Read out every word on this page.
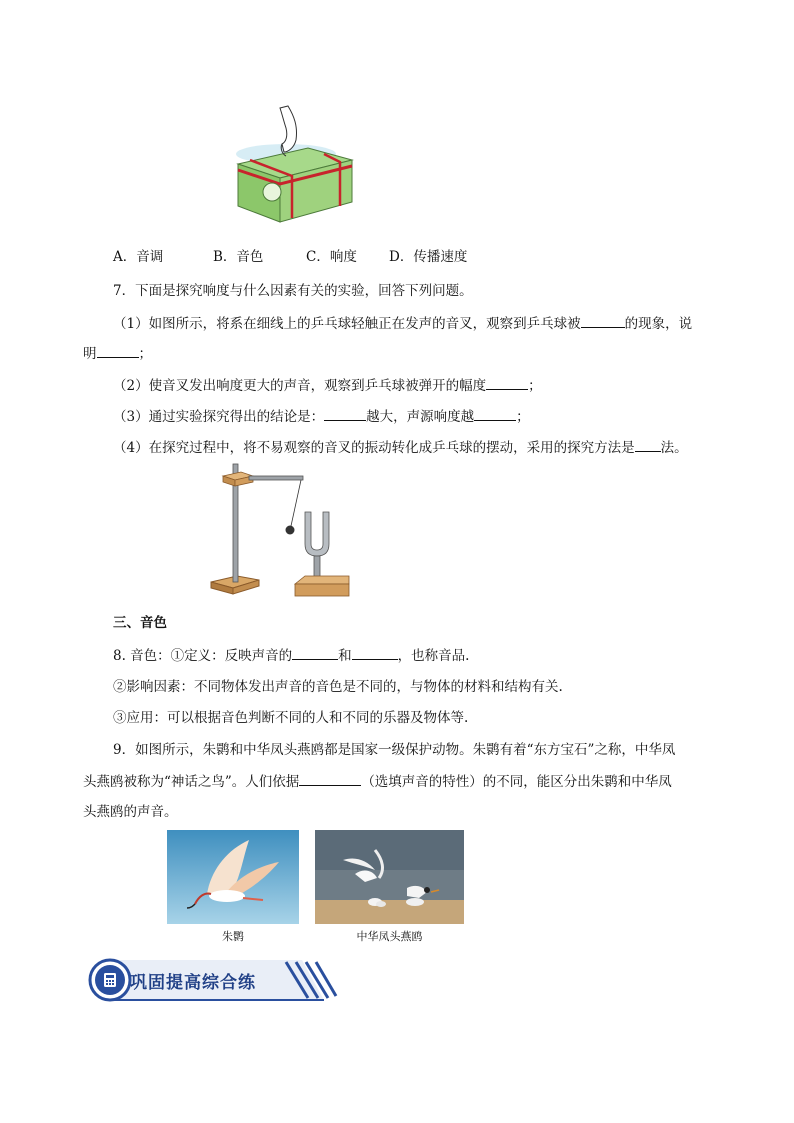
A．音调	B．音色	C．响度 D．传播速度
7．下面是探究响度与什么因素有关的实验，回答下列问题。
（1）如图所示，将系在细线上的乒乓球轻触正在发声的音叉，观察到乒乓球被	的现象，说
明	；
（2）使音叉发出响度更大的声音，观察到乒乓球被弹开的幅度	；
（3）通过实验探究得出的结论是：	越大，声源响度越	；
（4）在探究过程中，将不易观察的音叉的振动转化成乒乓球的摆动，采用的探究方法是 法。
三、音色
8. 音色：①定义：反映声音的	和	，也称音品.
②影响因素：不同物体发出声音的音色是不同的，与物体的材料和结构有关.
③应用：可以根据音色判断不同的人和不同的乐器及物体等.
9．如图所示，朱鹮和中华凤头燕鸥都是国家一级保护动物。朱鹮有着“东方宝石”之称，中华凤
头燕鸥被称为“神话之鸟”。人们依据	（选填声音的特性）的不同，能区分出朱鹮和中华凤
头燕鸥的声音。
朱鹮	中华凤头燕鸥
巩固提高综合练
